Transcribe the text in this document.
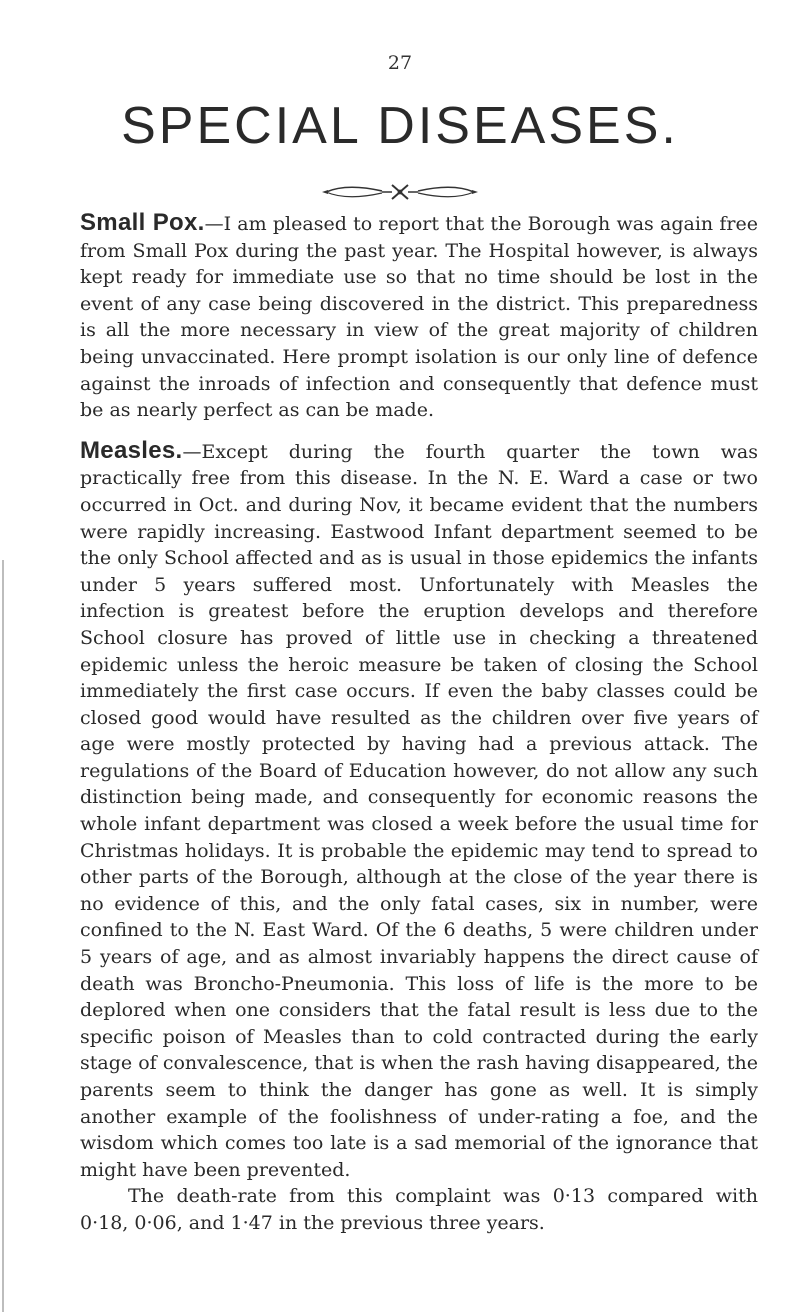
27
SPECIAL DISEASES.

Small Pox.—I am pleased to report that the Borough was again free from Small Pox during the past year. The Hospital however, is always kept ready for immediate use so that no time should be lost in the event of any case being discovered in the district. This preparedness is all the more necessary in view of the great majority of children being unvaccinated. Here prompt isolation is our only line of defence against the inroads of infection and consequently that defence must be as nearly perfect as can be made.

Measles.—Except during the fourth quarter the town was practically free from this disease. In the N. E. Ward a case or two occurred in Oct. and during Nov, it became evident that the numbers were rapidly increasing. Eastwood Infant department seemed to be the only School affected and as is usual in those epidemics the infants under 5 years suffered most. Unfortunately with Measles the infection is greatest before the eruption develops and therefore School closure has proved of little use in checking a threatened epidemic unless the heroic measure be taken of closing the School immediately the first case occurs. If even the baby classes could be closed good would have resulted as the children over five years of age were mostly protected by having had a previous attack. The regulations of the Board of Education however, do not allow any such distinction being made, and consequently for economic reasons the whole infant department was closed a week before the usual time for Christmas holidays. It is probable the epidemic may tend to spread to other parts of the Borough, although at the close of the year there is no evidence of this, and the only fatal cases, six in number, were confined to the N. East Ward. Of the 6 deaths, 5 were children under 5 years of age, and as almost invariably happens the direct cause of death was Broncho-Pneumonia. This loss of life is the more to be deplored when one considers that the fatal result is less due to the specific poison of Measles than to cold contracted during the early stage of convalescence, that is when the rash having disappeared, the parents seem to think the danger has gone as well. It is simply another example of the foolishness of under-rating a foe, and the wisdom which comes too late is a sad memorial of the ignorance that might have been prevented.

The death-rate from this complaint was 0·13 compared with 0·18, 0·06, and 1·47 in the previous three years.
